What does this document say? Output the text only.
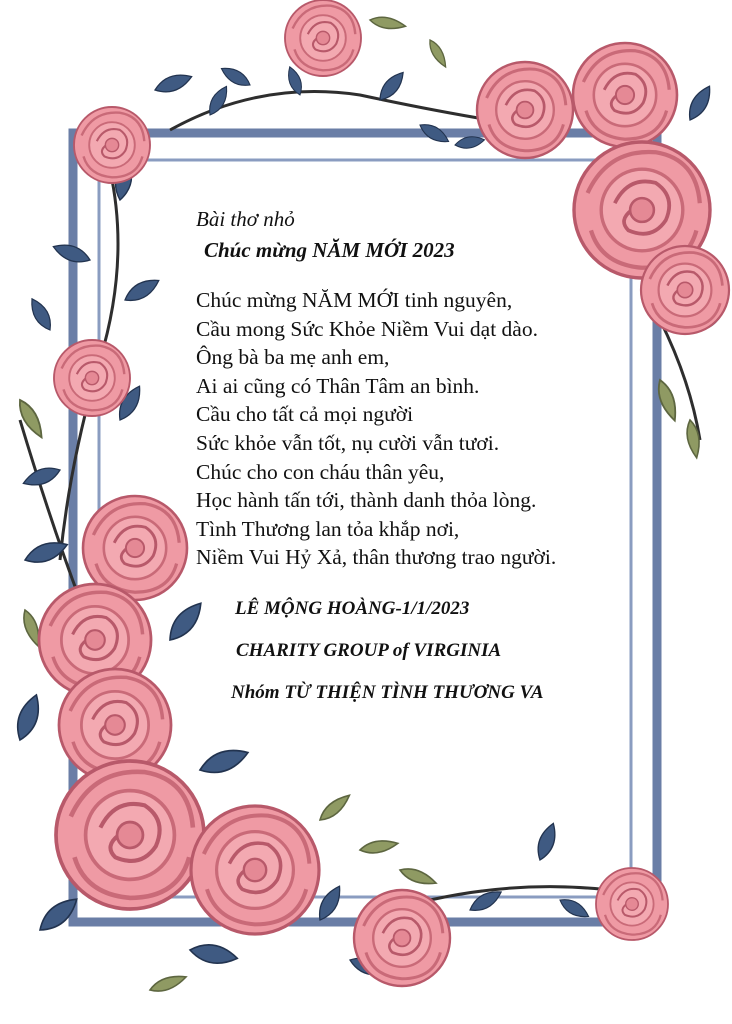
Bài thơ nhỏ
Chúc mừng NĂM MỚI 2023
Chúc mừng NĂM MỚI tinh nguyên,
Cầu mong Sức Khỏe Niềm Vui dạt dào.
Ông bà ba mẹ anh em,
Ai ai cũng có Thân Tâm an bình.
Cầu cho tất cả mọi người
Sức khỏe vẫn tốt, nụ cười vẫn tươi.
Chúc cho con cháu thân yêu,
Học hành tấn tới, thành danh thỏa lòng.
Tình Thương lan tỏa khắp nơi,
Niềm Vui Hỷ Xả, thân thương trao người.
LÊ MỘNG HOÀNG-1/1/2023
CHARITY GROUP of VIRGINIA
Nhóm TỪ THIỆN TÌNH THƯƠNG VA
